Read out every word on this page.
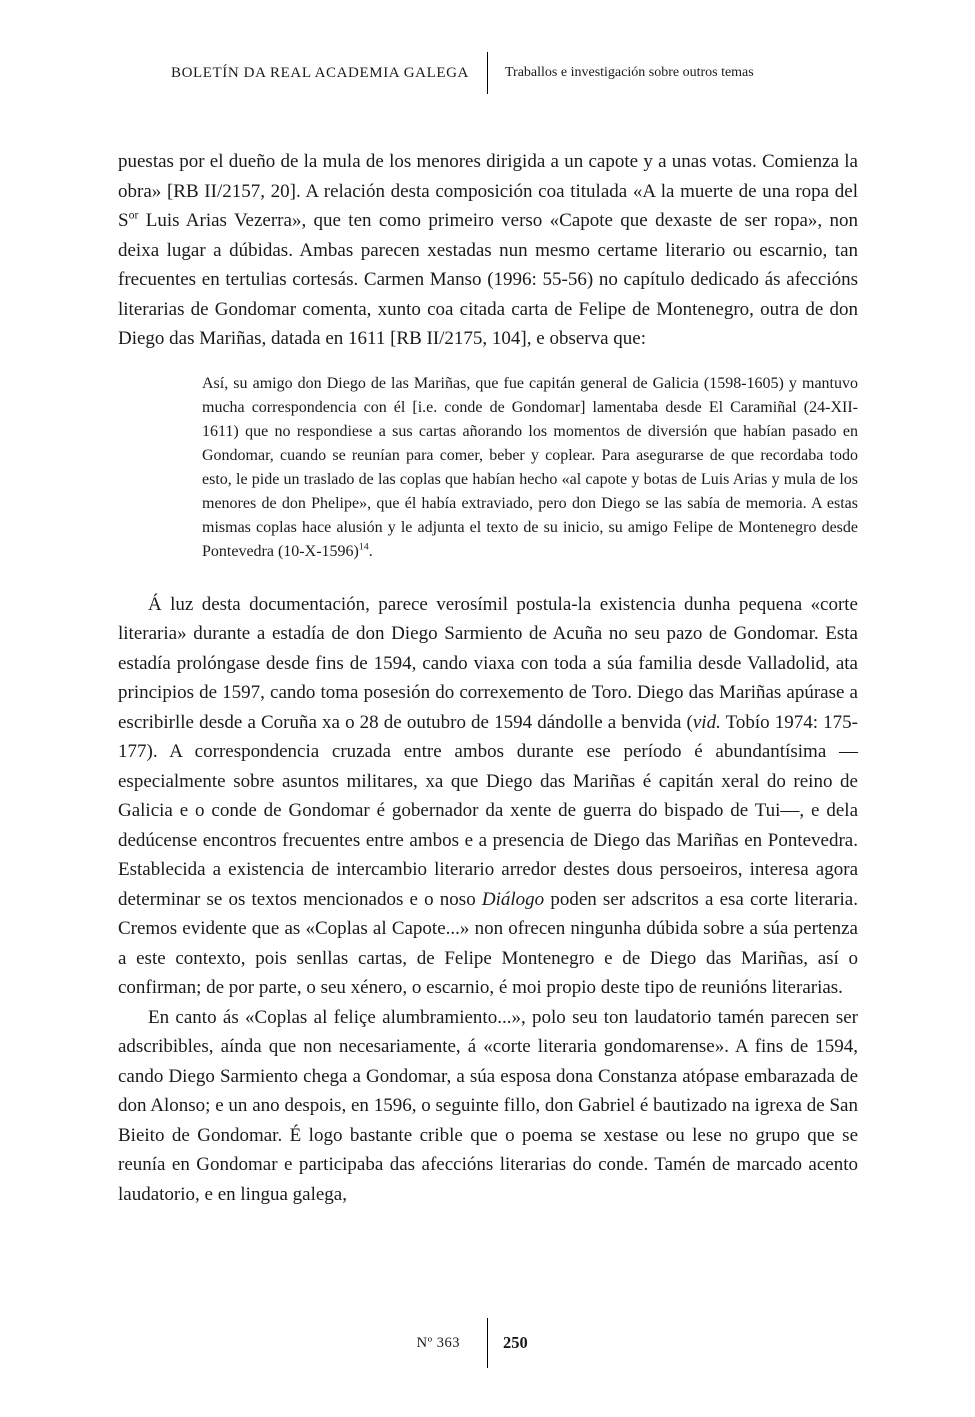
BOLETÍN DA REAL ACADEMIA GALEGA	Traballos e investigación sobre outros temas
puestas por el dueño de la mula de los menores dirigida a un capote y a unas votas. Comienza la obra» [RB II/2157, 20]. A relación desta composición coa titulada «A la muerte de una ropa del $S^{or}$ Luis Arias Vezerra», que ten como primeiro verso «Capote que dexaste de ser ropa», non deixa lugar a dúbidas. Ambas parecen xestadas nun mesmo certame literario ou escarnio, tan frecuentes en tertulias cortesás. Carmen Manso (1996: 55-56) no capítulo dedicado ás afeccións literarias de Gondomar comenta, xunto coa citada carta de Felipe de Montenegro, outra de don Diego das Mariñas, datada en 1611 [RB II/2175, 104], e observa que:
Así, su amigo don Diego de las Mariñas, que fue capitán general de Galicia (1598-1605) y mantuvo mucha correspondencia con él [i.e. conde de Gondomar] lamentaba desde El Caramiñal (24-XII-1611) que no respondiese a sus cartas añorando los momentos de diversión que habían pasado en Gondomar, cuando se reunían para comer, beber y coplear. Para asegurarse de que recordaba todo esto, le pide un traslado de las coplas que habían hecho «al capote y botas de Luis Arias y mula de los menores de don Phelipe», que él había extraviado, pero don Diego se las sabía de memoria. A estas mismas coplas hace alusión y le adjunta el texto de su inicio, su amigo Felipe de Montenegro desde Pontevedra $(10-X-1596)^{14}$.
Á luz desta documentación, parece verosímil postula-la existencia dunha pequena «corte literaria» durante a estadía de don Diego Sarmiento de Acuña no seu pazo de Gondomar. Esta estadía prolóngase desde fins de 1594, cando viaxa con toda a súa familia desde Valladolid, ata principios de 1597, cando toma posesión do correxemento de Toro. Diego das Mariñas apúrase a escribirlle desde a Coruña xa o 28 de outubro de 1594 dándolle a benvida (vid. Tobío 1974: 175-177). A correspondencia cruzada entre ambos durante ese período é abundantísima —especialmente sobre asuntos militares, xa que Diego das Mariñas é capitán xeral do reino de Galicia e o conde de Gondomar é gobernador da xente de guerra do bispado de Tui—, e dela dedúcense encontros frecuentes entre ambos e a presencia de Diego das Mariñas en Pontevedra. Establecida a existencia de intercambio literario arredor destes dous persoeiros, interesa agora determinar se os textos mencionados e o noso Diálogo poden ser adscritos a esa corte literaria. Cremos evidente que as «Coplas al Capote...» non ofrecen ningunha dúbida sobre a súa pertenza a este contexto, pois senllas cartas, de Felipe Montenegro e de Diego das Mariñas, así o confirman; de por parte, o seu xénero, o escarnio, é moi propio deste tipo de reunións literarias.
En canto ás «Coplas al feliçe alumbramiento...», polo seu ton laudatorio tamén parecen ser adscribibles, aínda que non necesariamente, á «corte literaria gondomarense». A fins de 1594, cando Diego Sarmiento chega a Gondomar, a súa esposa dona Constanza atópase embarazada de don Alonso; e un ano despois, en 1596, o seguinte fillo, don Gabriel é bautizado na igrexa de San Bieito de Gondomar. É logo bastante crible que o poema se xestase ou lese no grupo que se reunía en Gondomar e participaba das afeccións literarias do conde. Tamén de marcado acento laudatorio, e en lingua galega,
Nº 363	250
